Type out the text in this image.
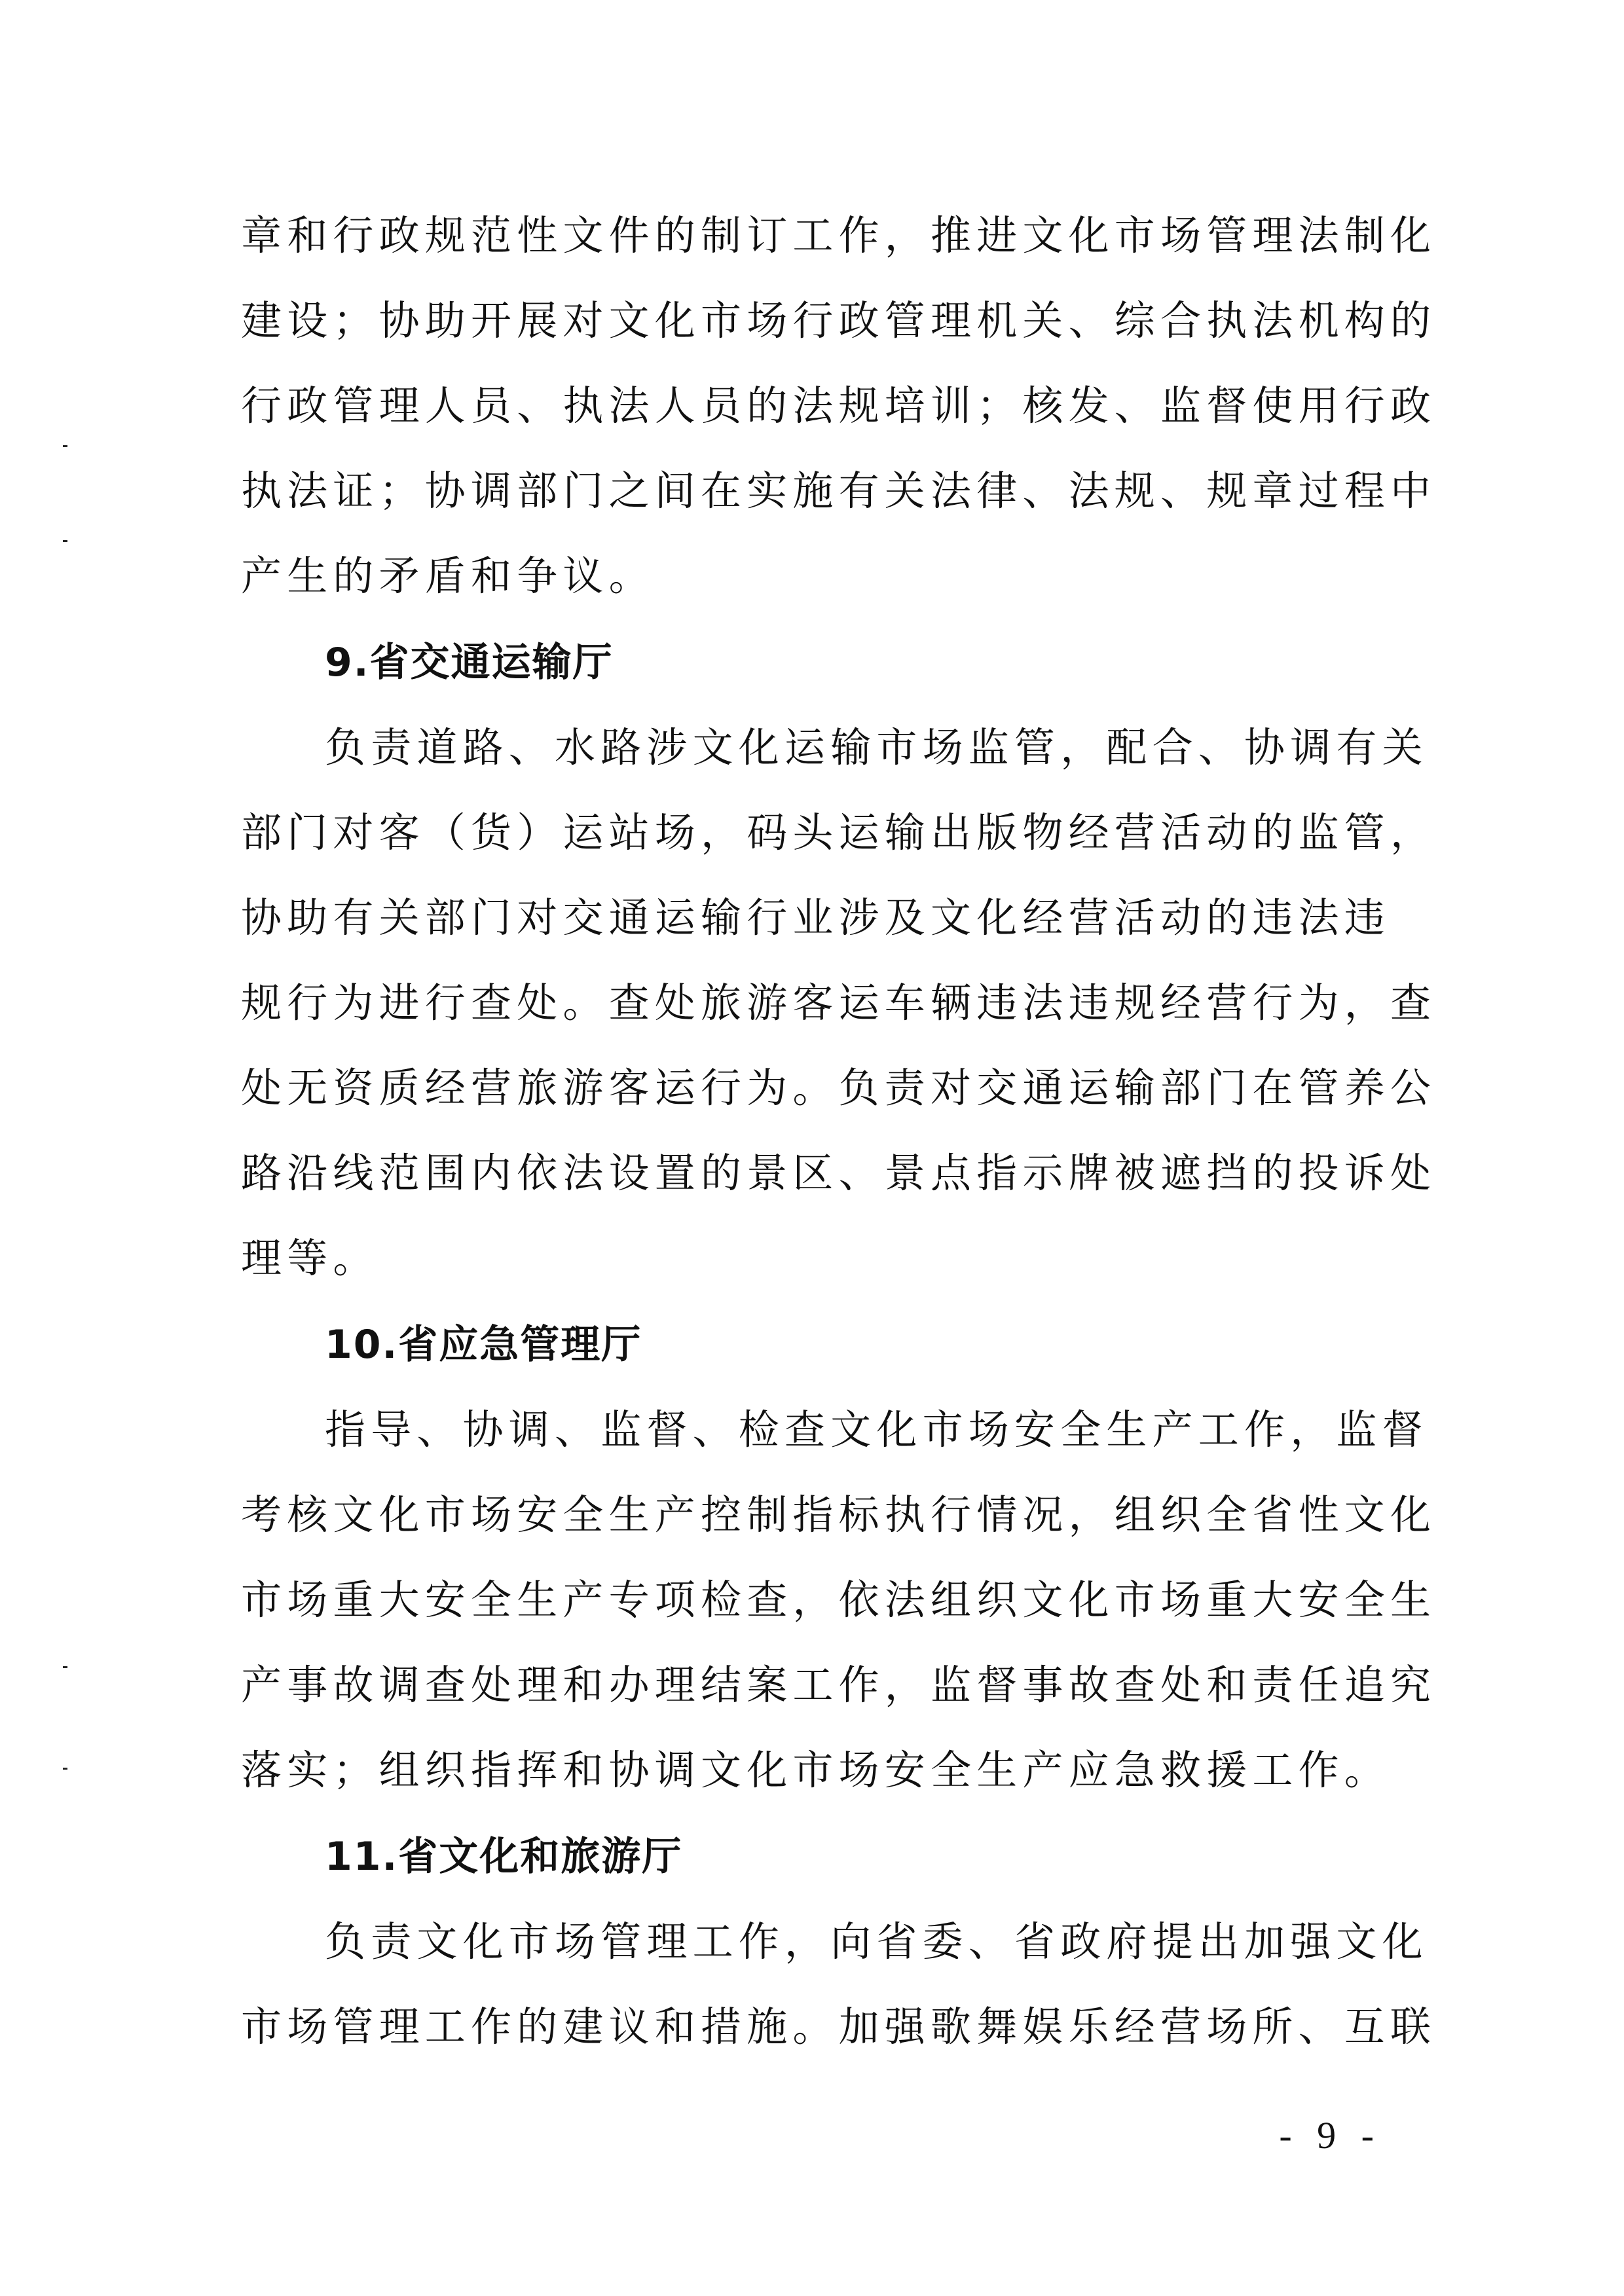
章和行政规范性文件的制订工作，推进文化市场管理法制化
建设；协助开展对文化市场行政管理机关、综合执法机构的
行政管理人员、执法人员的法规培训；核发、监督使用行政
执法证；协调部门之间在实施有关法律、法规、规章过程中
产生的矛盾和争议。
9.省交通运输厅
负责道路、水路涉文化运输市场监管，配合、协调有关
部门对客（货）运站场，码头运输出版物经营活动的监管，
协助有关部门对交通运输行业涉及文化经营活动的违法违
规行为进行查处。查处旅游客运车辆违法违规经营行为，查
处无资质经营旅游客运行为。负责对交通运输部门在管养公
路沿线范围内依法设置的景区、景点指示牌被遮挡的投诉处
理等。
10.省应急管理厅
指导、协调、监督、检查文化市场安全生产工作，监督
考核文化市场安全生产控制指标执行情况，组织全省性文化
市场重大安全生产专项检查，依法组织文化市场重大安全生
产事故调查处理和办理结案工作，监督事故查处和责任追究
落实；组织指挥和协调文化市场安全生产应急救援工作。
11.省文化和旅游厅
负责文化市场管理工作，向省委、省政府提出加强文化
市场管理工作的建议和措施。加强歌舞娱乐经营场所、互联
- 9 -
